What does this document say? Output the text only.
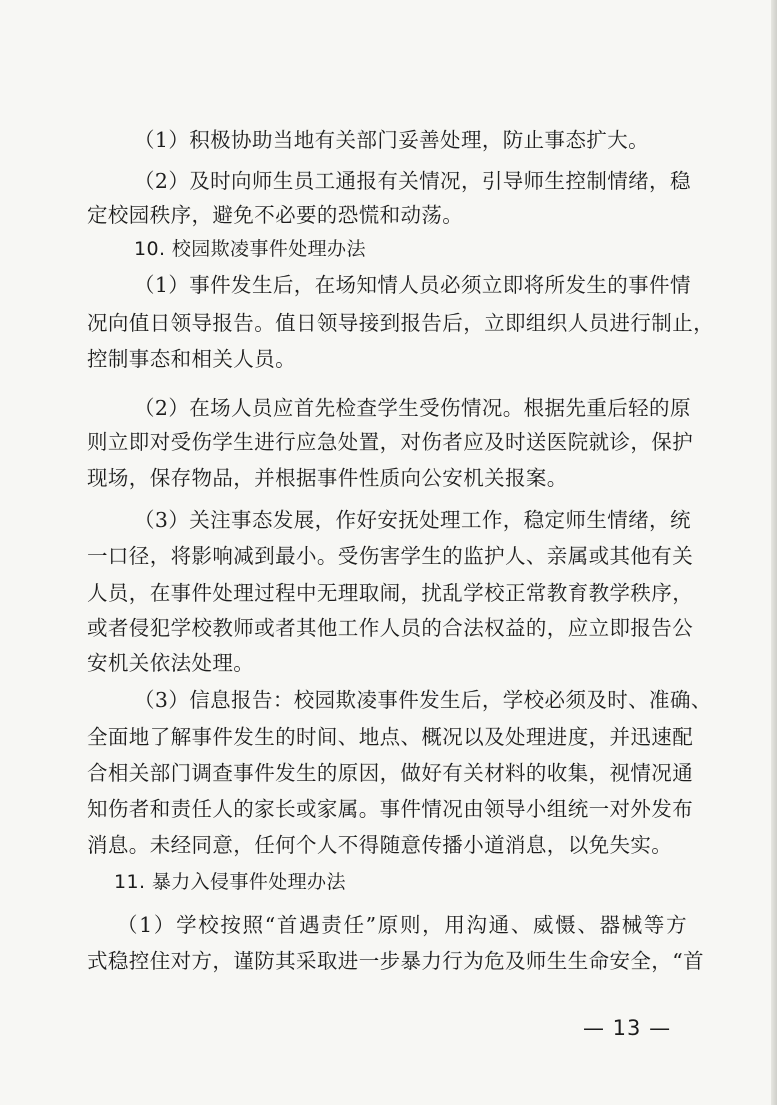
（1）积极协助当地有关部门妥善处理，防止事态扩大。
（2）及时向师生员工通报有关情况，引导师生控制情绪，稳
定校园秩序，避免不必要的恐慌和动荡。
10. 校园欺凌事件处理办法
（1）事件发生后，在场知情人员必须立即将所发生的事件情
况向值日领导报告。值日领导接到报告后，立即组织人员进行制止，
控制事态和相关人员。
（2）在场人员应首先检查学生受伤情况。根据先重后轻的原
则立即对受伤学生进行应急处置，对伤者应及时送医院就诊，保护
现场，保存物品，并根据事件性质向公安机关报案。
（3）关注事态发展，作好安抚处理工作，稳定师生情绪，统
一口径，将影响减到最小。受伤害学生的监护人、亲属或其他有关
人员，在事件处理过程中无理取闹，扰乱学校正常教育教学秩序，
或者侵犯学校教师或者其他工作人员的合法权益的，应立即报告公
安机关依法处理。
（3）信息报告：校园欺凌事件发生后，学校必须及时、准确、
全面地了解事件发生的时间、地点、概况以及处理进度，并迅速配
合相关部门调查事件发生的原因，做好有关材料的收集，视情况通
知伤者和责任人的家长或家属。事件情况由领导小组统一对外发布
消息。未经同意，任何个人不得随意传播小道消息，以免失实。
11. 暴力入侵事件处理办法
（1）学校按照“首遇责任”原则，用沟通、威慑、器械等方
式稳控住对方，谨防其采取进一步暴力行为危及师生生命安全，“首
— 13 —
